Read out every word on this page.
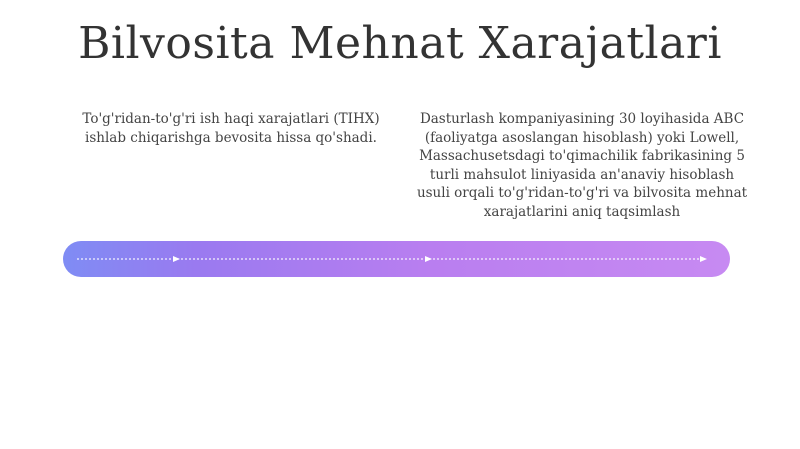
Bilvosita Mehnat Xarajatlari
To'g'ridan-to'g'ri ish haqi xarajatlari (TIHX) ishlab chiqarishga bevosita hissa qo'shadi.
Dasturlash kompaniyasining 30 loyihasida ABC (faoliyatga asoslangan hisoblash) yoki Lowell, Massachusetsdagi to'qimachilik fabrikasining 5 turli mahsulot liniyasida an'anaviy hisoblash usuli orqali to'g'ridan-to'g'ri va bilvosita mehnat xarajatlarini aniq taqsimlash
